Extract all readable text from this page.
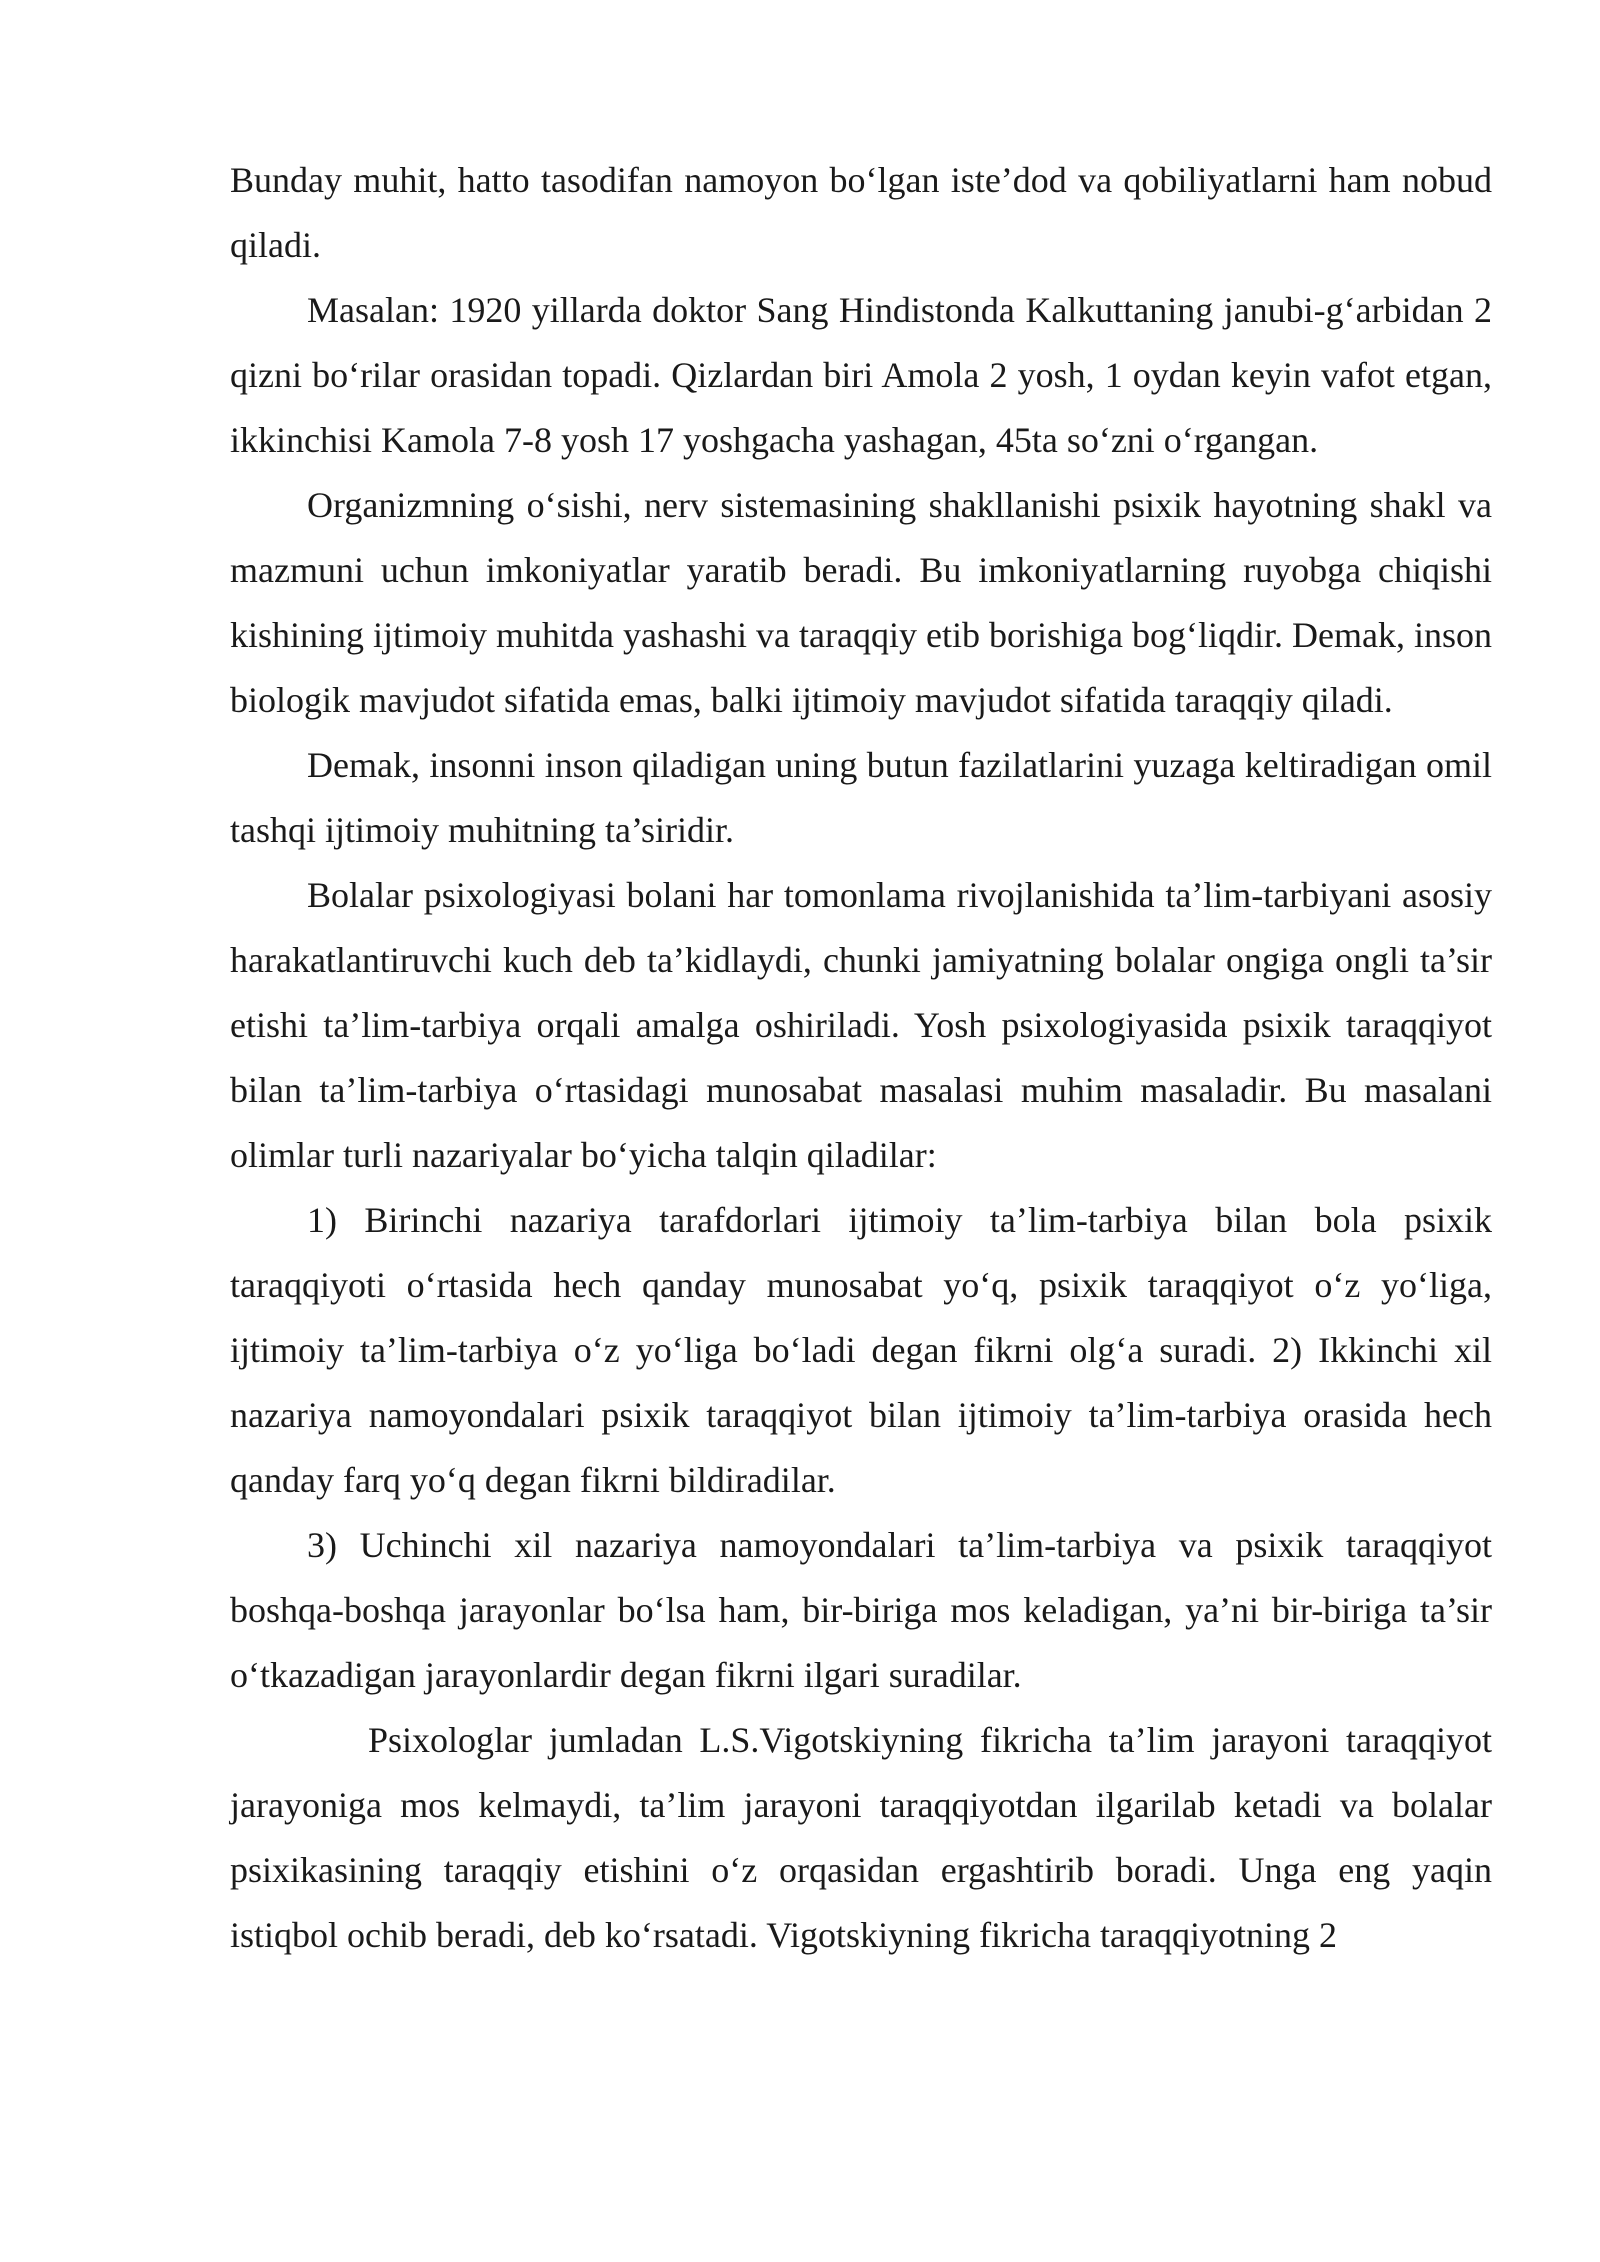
Bunday muhit, hatto tasodifan namoyon bo‘lgan iste’dod va qobiliyatlarni ham nobud qiladi.

Masalan: 1920 yillarda doktor Sang Hindistonda Kalkuttaning janubi-g‘arbidan 2 qizni bo‘rilar orasidan topadi. Qizlardan biri Amola 2 yosh, 1 oydan keyin vafot etgan, ikkinchisi Kamola 7-8 yosh 17 yoshgacha yashagan, 45ta so‘zni o‘rgangan.

Organizmning o‘sishi, nerv sistemasining shakllanishi psixik hayotning shakl va mazmuni uchun imkoniyatlar yaratib beradi. Bu imkoniyatlarning ruyobga chiqishi kishining ijtimoiy muhitda yashashi va taraqqiy etib borishiga bog‘liqdir. Demak, inson biologik mavjudot sifatida emas, balki ijtimoiy mavjudot sifatida taraqqiy qiladi.

Demak, insonni inson qiladigan uning butun fazilatlarini yuzaga keltiradigan omil tashqi ijtimoiy muhitning ta’siridir.

Bolalar psixologiyasi bolani har tomonlama rivojlanishida ta’lim-tarbiyani asosiy harakatlantiruvchi kuch deb ta’kidlaydi, chunki jamiyatning bolalar ongiga ongli ta’sir etishi ta’lim-tarbiya orqali amalga oshiriladi. Yosh psixologiyasida psixik taraqqiyot bilan ta’lim-tarbiya o‘rtasidagi munosabat masalasi muhim masaladir. Bu masalani olimlar turli nazariyalar bo‘yicha talqin qiladilar:

1) Birinchi nazariya tarafdorlari ijtimoiy ta’lim-tarbiya bilan bola psixik taraqqiyoti o‘rtasida hech qanday munosabat yo‘q, psixik taraqqiyot o‘z yo‘liga, ijtimoiy ta’lim-tarbiya o‘z yo‘liga bo‘ladi degan fikrni olg‘a suradi. 2) Ikkinchi xil nazariya namoyondalari psixik taraqqiyot bilan ijtimoiy ta’lim-tarbiya orasida hech qanday farq yo‘q degan fikrni bildiradilar.

3) Uchinchi xil nazariya namoyondalari ta’lim-tarbiya va psixik taraqqiyot boshqa-boshqa jarayonlar bo‘lsa ham, bir-biriga mos keladigan, ya’ni bir-biriga ta’sir o‘tkazadigan jarayonlardir degan fikrni ilgari suradilar.

Psixologlar jumladan L.S.Vigotskiyning fikricha ta’lim jarayoni taraqqiyot jarayoniga mos kelmaydi, ta’lim jarayoni taraqqiyotdan ilgarilab ketadi va bolalar psixikasining taraqqiy etishini o‘z orqasidan ergashtirib boradi. Unga eng yaqin istiqbol ochib beradi, deb ko‘rsatadi. Vigotskiyning fikricha taraqqiyotning 2
